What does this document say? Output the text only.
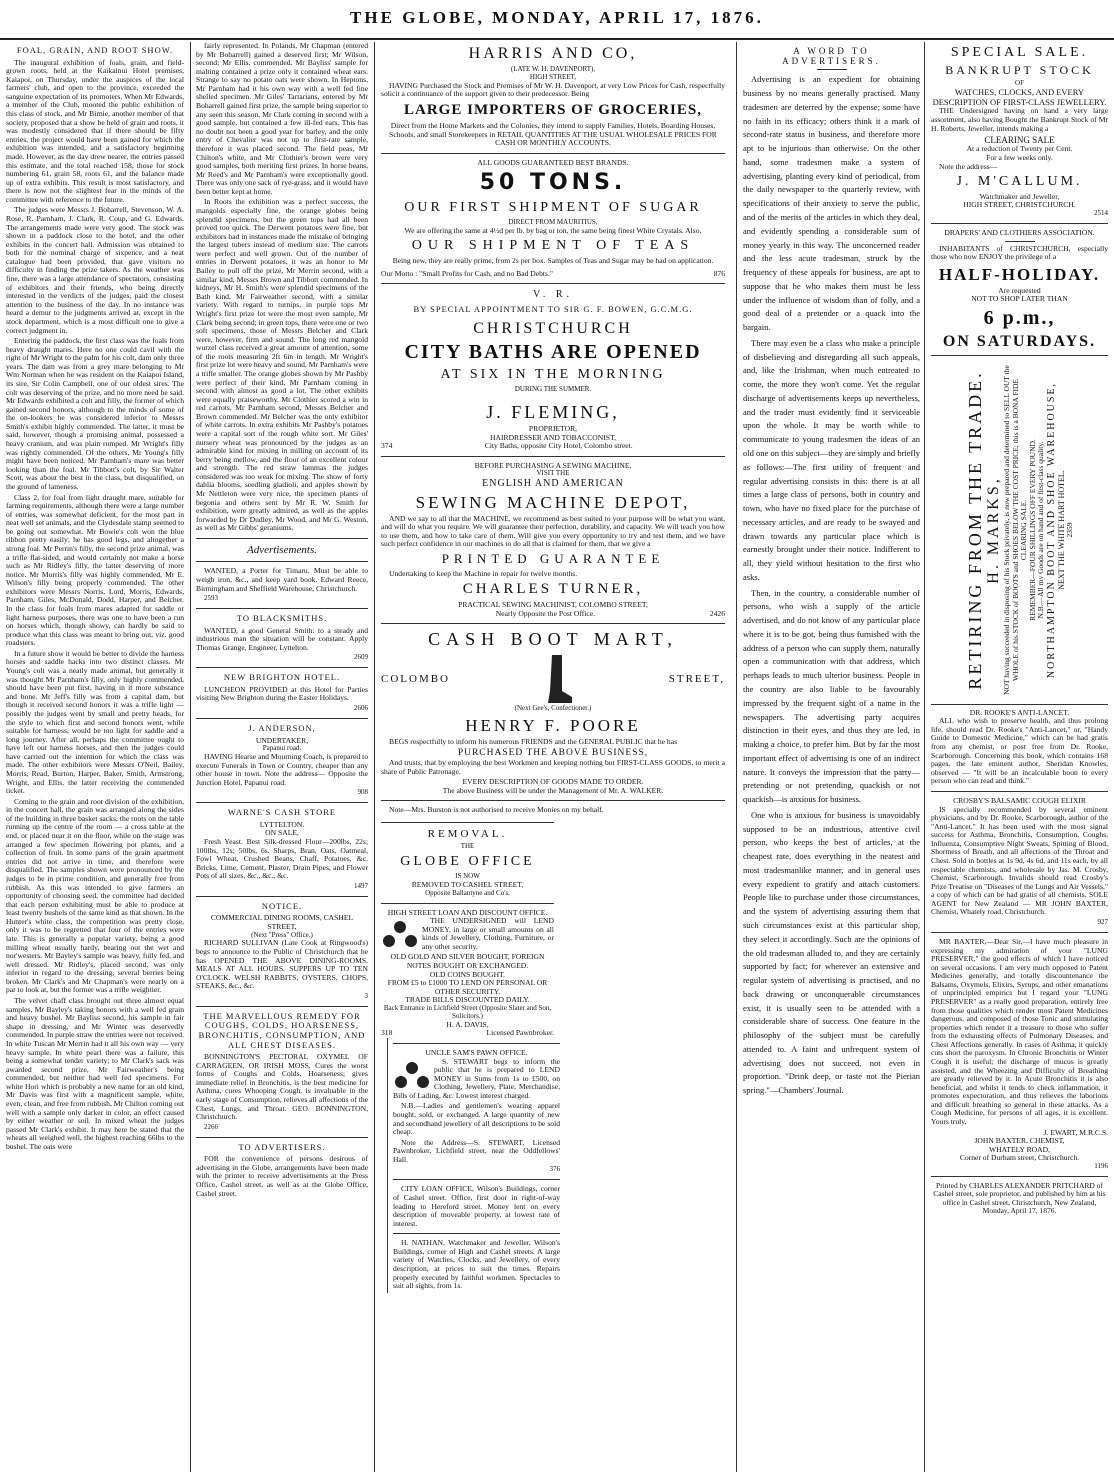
THE GLOBE, MONDAY, APRIL 17, 1876.
FOAL, GRAIN, AND ROOT SHOW.

The inaugural exhibition of foals, grain, and field-grown roots, held at the Kaikainui Hotel premises, Kaiapoi, on Thursday, under the auspices of the local farmers' club, and open to the province, exceeded the sanguine expectation of its promoters. When Mr Edwards, a member of the Club, mooted the public exhibition of this class of stock, and Mr Birnie, another member of that society, proposed that a show be held of grain and roots, it was modestly considered that if there should be fifty entries, the project would have been gained for which the exhibition was intended, and a satisfactory beginning made. However, as the day drew nearer, the entries passed this estimate, and the total reached 158, those for stock numbering 61, grain 58, roots 61, and the balance made up of extra exhibits. This result is most satisfactory, and there is now not the slightest fear in the minds of the committee with reference to the future.

The judges were Messrs J. Boharrell, Stevenson, W. A. Rose, R. Parnham, J. Clark, R. Coup, and G. Edwards. The arrangements made were very good. The stock was shown in a paddock close to the hotel, and the other exhibits in the concert hall. Admission was obtained to both for the nominal charge of sixpence, and a neat catalogue had been provided, that gave visitors no difficulty in finding the prize takers. As the weather was fine, there was a large attendance of spectators, consisting of exhibitors and their friends, who being directly interested in the verdicts of the judges, paid the closest attention to the business of the day. In no instance was heard a demur to the judgments arrived at, except in the stock department, which is a most difficult one to give a correct judgment in.

Entering the paddock, the first class was the foals from heavy draught mares. Here no one could cavil with the right of Mr Wright to the palm for his colt, dam only three years. The dam was from a grey mare belonging to Mr Wm Norman when he was resident on the Kaiapoi Island, its sire, Sir Colin Campbell, one of our oldest sires. The colt was deserving of the prize, and no more need be said. Mr Edwards exhibited a colt and filly, the former of which gained second honors, although to the minds of some of the on-lookers he was considered inferior to Messrs Smith's exhibit highly commended. The latter, it must be said, however, though a promising animal, possessed a heavy cranium, and was plain rumped. Mr Wright's filly was rightly commended. Of the others, Mr Young's filly might have been noticed. Mr Parnham's mare was better looking than the foal. Mr Tibbott's colt, by Sir Walter Scott, was about the best in the class, but disqualified, on the ground of lameness.

Class 2, for foal from light draught mare, suitable for farming requirements, although there were a large number of entries, was somewhat deficient, for the most part in neat well set animals, and the Clydesdale stamp seemed to be going out somewhat. Mr Bowie's colt won the blue ribbon pretty easily; he has good legs, and altogether a strong foal. Mr Perrin's filly, the second prize animal, was a trifle flat-sided, and would certainly not make a horse such as Mr Ridley's filly, the latter deserving of more notice. Mr Morris's filly was highly commended, Mr E. Wilson's filly being properly commended. The other exhibitors were Messrs Norris, Lord, Morris, Edwards, Parnham, Giles, McDonald, Dodd, Harper, and Belcher. In the class for foals from mares adapted for saddle or light harness purposes, there was one to have been a run on horses which, though showy, can hardly be said to produce what this class was meant to bring out, viz. good roadsters.

In a future show it would be better to divide the harness horses and saddle hacks into two distinct classes. Mr Young's colt was a neatly made animal, but generally it was thought Mr Parnham's filly, only highly commended, should have been put first, having in it more substance and bone. Mr Jeff's filly was from a capital dam, but though it received second honors it was a trifle light — possibly the judges went by small and pretty heads, for the style to which first and second honors went, while suitable for harness, would be too light for saddle and a long journey. After all, perhaps the committee ought to have left out harness horses, and then the judges could have carried out the intention for which the class was made. The other exhibitors were Messrs O'Neil, Bailey, Morris, Read, Burton, Harper, Baker, Smith, Armstrong, Wright, and Ellis, the latter receiving the commended ticket.

Coming to the grain and root division of the exhibition, in the concert hall, the grain was arranged along the sides of the building in three basket sacks, the roots on the table running up the centre of the room — a cross table at the end, or placed near it on the floor, while on the stage was arranged a few specimen flowering pot plants, and a collection of fruit. In some parts of the grain apartment entries did not arrive in time, and therefore were disqualified. The samples shown were pronounced by the judges to be in prime condition, and generally free from rubbish. As this was intended to give farmers an opportunity of choosing seed, the committee had decided that each person exhibiting must be able to produce at least twenty bushels of the same kind as that shown. In the Hunter's white class, the competition was pretty close, only it was to be regretted that four of the entries were late. This is generally a popular variety, being a good milling wheat usually hardy, bearing out the wet and nor'westers. Mr Bayley's sample was heavy, fully fed, and well dressed. Mr Ridley's, placed second, was only inferior in regard to the dressing, several berries being broken. Mr Clark's and Mr Chapman's were nearly on a par to look at, but the former was a trifle weightier.

The velvet chaff class brought out three almost equal samples, Mr Bayley's taking honors with a well fed grain and heavy bushel. Mr Bayliss second, his sample in fair shape in dressing, and Mr Winter was deservedly commended. In purple straw the entries were not received. In white Tuscan Mr Merrin had it all his own way — very heavy sample. In white pearl there was a failure, this being a somewhat tender variety; to Mr Clark's sack was awarded second prize, Mr Fairweather's being commended, but neither had well fed specimens. For white Hori which is probably a new name for an old kind, Mr Davis was first with a magnificent sample, white, even, clean, and free from rubbish, Mr Chilton coming out well with a sample only darker in color, an effect caused by either weather or soil. In mixed wheat the judges passed Mr Clark's exhibit. It may here be stated that the wheats all weighed well, the highest reaching 66lbs to the bushel. The oats were

fairly represented. In Polands, Mr Chapman (entered by Mr Boharrell) gained a deserved first; Mr Wilson, second; Mr Ellis, commended. Mr Bayliss' sample for malting contained a prize only it contained wheat ears. Strange to say no potato oats were shown. In Heptons, Mr Parnham had it his own way with a well fed fine shelled specimen. Mr Giles' Tartarians, entered by Mr Boharrell gained first prize, the sample being superior to any seen this season, Mr Clark coming in second with a good sample, but contained a few ill-fed ears. This has no doubt not been a good year for barley, and the only entry of Chevalier was not up to first-rate sample, therefore it was placed second. The field peas, Mr Chilton's white, and Mr Clothier's brown were very good samples, both meriting first prizes. In horse beans, Mr Reed's and Mr Parnham's were exceptionally good. There was only one sack of rye-grass, and it would have been better kept at home.

In Roots the exhibition was a perfect success, the mangolds especially fine, the orange globes being splendid specimens, but the green tops had all been proved too quick. The Derwent potatoes were fine, but exhibitors had in instances made the mistake of bringing the largest tubers instead of medium size. The carrots were perfect and well grown. Out of the number of entries in Derwent potatoes, it was an honor to Mr Bailey to pull off the prize, Mr Merrin second, with a similar kind, Messrs Brown and Tibbott commended. In kidneys, Mr H. Smith's were splendid specimens of the Bath kind, Mr Fairweather second, with a similar variety. With regard to turnips, in purple tops Mr Wright's first prize lot were the most even sample, Mr Clark being second; in green tops, there were one or two soft specimens, those of Messrs Belcher and Clark were, however, firm and sound. The long red mangold wurzel class received a great amount of attention, some of the roots measuring 2ft 6in in length. Mr Wright's first prize lot were heavy and sound, Mr Parnham's were a trifle smaller. The orange globes shown by Mr Pashby were perfect of their kind, Mr Parnham coming in second with almost as good a lot. The other exhibits were equally praiseworthy. Mr Clothier scored a win in red carrots, Mr Parnham second, Messrs Belcher and Brown commended. Mr Belcher was the only exhibitor of white carrots. In extra exhibits Mr Pashby's potatoes were a capital sort of the rough white sort. Mr Giles' nursery wheat was pronounced by the judges as an admirable kind for mixing in milling on account of its berry being mellow, and the flour of an excellent colour and strength. The red straw lammas the judges considered was too weak for mixing. The show of forty dahlia blooms, seedling gladioli, and apples shown by Mr Nettleton were very nice, the specimen plants of begonia and others sent by Mr R. W. Smith for exhibition, were greatly admired, as well as the apples forwarded by Dr Dudley, Mr Wood, and Mr G. Weston, as well as Mr Gibbs' geraniums.

Advertisements.

WANTED, a Porter for Timaru. Must be able to weigh iron, &c., and keep yard book. Edward Reece, Birmingham and Sheffield Warehouse, Christchurch.

2593

TO BLACKSMITHS.

WANTED, a good General Smith: to a steady and industrious man the situation will be constant. Apply Thomas Grange, Engineer, Lyttelton.

2609

NEW BRIGHTON HOTEL.

LUNCHEON PROVIDED at this Hotel for Parties visiting New Brighton during the Easter Holidays.

2606

J. ANDERSON,
UNDERTAKER,
Papanui road.

HAVING Hearse and Mourning Coach, is prepared to execute Funerals in Town or Country, cheaper than any other house in town. Note the address— Opposite the Junction Hotel, Papanui road.

908

WARNE'S CASH STORE
LYTTELTON.
ON SALE,

Fresh Yeast. Best Silk-dressed Flour—200lbs, 22s; 100lbs, 12s; 50lbs, 6s. Sharps, Bran, Oats, Oatmeal, Fowl Wheat, Crushed Beans, Chaff, Potatoes, &c. Bricks, Lime, Cement, Plaster, Drain Pipes, and Flower Pots of all sizes, &c., &c., &c.

1497

NOTICE.
COMMERCIAL DINING ROOMS, CASHEL STREET,
(Next "Press" Office.)

RICHARD SULLIVAN (Late Cook at Ringwood's) begs to announce to the Public of Christchurch that he has OPENED THE ABOVE DINING-ROOMS. MEALS AT ALL HOURS. SUPPERS UP TO TEN O'CLOCK. WELSH RABBITS, OYSTERS, CHOPS, STEAKS, &c., &c.

3

THE MARVELLOUS REMEDY FOR COUGHS, COLDS, HOARSENESS, BRONCHITIS, CONSUMPTION, AND ALL CHEST DISEASES.

BONNINGTON'S PECTORAL OXYMEL OF CARRAGEEN, OR IRISH MOSS, Cures the worst forms of Coughs and Colds, Hoarseness; gives immediate relief in Bronchitis, is the best medicine for Asthma, cures Whooping Cough, is invaluable in the early stage of Consumption, relieves all affections of the Chest, Lungs, and Throat. GEO. BONNINGTON, Christchurch.

2266

TO ADVERTISERS.

FOR the convenience of persons desirous of advertising in the Globe, arrangements have been made with the printer to receive advertisements at the Press Office, Cashel street, as well as at the Globe Office, Cashel street.

HARRIS AND CO,
(LATE W. H. DAVENPORT),
HIGH STREET,

HAVING Purchased the Stock and Premises of Mr W. H. Davenport, at very Low Prices for Cash, respectfully solicit a continuance of the support given to their predecessor. Being

LARGE IMPORTERS OF GROCERIES,

Direct from the Home Markets and the Colonies, they intend to supply Families, Hotels, Boarding Houses, Schools, and small Storekeepers in RETAIL QUANTITIES AT THE USUAL WHOLESALE PRICES FOR CASH OR MONTHLY ACCOUNTS.

ALL GOODS GUARANTEED BEST BRANDS.
50 TONS.
OUR FIRST SHIPMENT OF SUGAR
DIRECT FROM MAURITIUS,

We are offering the same at 4½d per lb. by bag or ton, the same being finest White Crystals. Also,

OUR SHIPMENT OF TEAS

Being new, they are really prime, from 2s per box. Samples of Teas and Sugar may be had on application.

Our Motto : "Small Profits for Cash, and no Bad Debts."	876
V. R.
BY SPECIAL APPOINTMENT TO SIR G. F. BOWEN, G.C.M.G.
CHRISTCHURCH
CITY BATHS ARE OPENED
AT SIX IN THE MORNING
DURING THE SUMMER.
J. FLEMING,
PROPRIETOR,
HAIRDRESSER AND TOBACCONIST,
374	City Baths, opposite City Hotel, Colombo street.
BEFORE PURCHASING A SEWING MACHINE,
VISIT THE
ENGLISH AND AMERICAN
SEWING MACHINE DEPOT,

AND we say to all that the MACHINE, we recommend as best suited to your purpose will be what you want, and will do what you require. We will guarantee their perfection, durability, and capacity. We will teach you how to use them, and how to take care of them. Will give you every opportunity to try and test them, and we have such perfect confidence in our machines to do all that is claimed for them, that we give a

PRINTED GUARANTEE

Undertaking to keep the Machine in repair for twelve months.

CHARLES TURNER,
PRACTICAL SEWING MACHINIST, COLOMBO STREET,
Nearly Opposite the Post Office.	2426
CASH BOOT MART,
COLOMBO	STREET,
(Next Gee's, Confectioner.)
HENRY F. POORE

BEGS respectfully to inform his numerous FRIENDS and the GENERAL PUBLIC that he has

PURCHASED THE ABOVE BUSINESS,

And trusts, that by employing the best Workmen and keeping nothing but FIRST-CLASS GOODS, to merit a share of Public Patronage.

EVERY DESCRIPTION OF GOODS MADE TO ORDER.
The above Business will be under the Management of Mr. A. WALKER.

Note—Mrs. Burston is not authorised to receive Monies on my behalf.

REMOVAL.
THE
GLOBE OFFICE
IS NOW
REMOVED TO CASHEL STREET,
Opposite Ballantyne and Co's.
HIGH STREET LOAN AND DISCOUNT OFFICE.

THE UNDERSIGNED will LEND MONEY, in large or small amounts on all kinds of Jewellery, Clothing, Furniture, or any other security.

OLD GOLD AND SILVER BOUGHT, FOREIGN NOTES BOUGHT OR EXCHANGED.
OLD COINS BOUGHT.
FROM £5 to £1000 TO LEND ON PERSONAL OR OTHER SECURITY.
TRADE BILLS DISCOUNTED DAILY.
Back Entrance in Lichfield Street (Opposite Slater and Son, Solicitors.)
H. A. DAVIS,
318	Licensed Pawnbroker.
UNCLE SAM'S PAWN OFFICE.

S. STEWART begs to inform the public that he is prepared to LEND MONEY in Sums from 1s to £500, on Clothing, Jewellery, Plate, Merchandise, Bills of Lading, &c. Lowest interest charged.

N.B.—Ladies and gentlemen's wearing apparel bought, sold, or exchanged. A large quantity of new and secondhand jewellery of all descriptions to be sold cheap.

Note the Address—S. STEWART, Licensed Pawnbroker, Lichfield street, near the Oddfellows' Hall.

376

CITY LOAN OFFICE, Wilson's Buildings, corner of Cashel street. Office, first door in right-of-way leading to Hereford street. Money lent on every description of moveable property, at lowest rate of interest.

H. NATHAN, Watchmaker and Jeweller, Wilson's Buildings, corner of High and Cashel streets. A large variety of Watches, Clocks, and Jewellery, of every description, at prices to suit the times. Repairs properly executed by faithful workmen. Spectacles to suit all sights, from 1s.

A WORD TO ADVERTISERS.

Advertising is an expedient for obtaining business by no means generally practised. Many tradesmen are deterred by the expense; some have no faith in its efficacy; others think it a mark of second-rate status in business, and therefore more apt to be injurious than otherwise. On the other hand, some tradesmen make a system of advertising, planting every kind of periodical, from the daily newspaper to the quarterly review, with specifications of their anxiety to serve the public, and of the merits of the articles in which they deal, and evidently spending a considerable sum of money yearly in this way. The unconcerned reader and the less acute tradesman, struck by the frequency of these appeals for business, are apt to suppose that he who makes them must be less under the influence of wisdom than of folly, and a good deal of a pretender or a quack into the bargain.

There may even be a class who make a principle of disbelieving and disregarding all such appeals, and, like the Irishman, when much entreated to come, the more they won't come. Yet the regular discharge of advertisements keeps up nevertheless, and the trader must evidently find it serviceable upon the whole. It may be worth while to communicate to young tradesmen the ideas of an old one on this subject—they are simply and briefly as follows:—The first utility of frequent and regular advertising consists in this: there is at all times a large class of persons, both in country and town, who have no fixed place for the purchase of necessary articles, and are ready to be swayed and drawn towards any particular place which is earnestly brought under their notice. Indifferent to all, they yield without hesitation to the first who asks.

Then, in the country, a considerable number of persons, who wish a supply of the article advertised, and do not know of any particular place where it is to be got, being thus furnished with the address of a person who can supply them, naturally open a communication with that address, which perhaps leads to much ulterior business. People in the country are also liable to be favourably impressed by the frequent sight of a name in the newspapers. The advertising party acquires distinction in their eyes, and thus they are led, in making a choice, to prefer him. But by far the most important effect of advertising is one of an indirect nature. It conveys the impression that the party—pretending or not pretending, quackish or not quackish—is anxious for business.

One who is anxious for business is unavoidably supposed to be an industrious, attentive civil person, who keeps the best of articles, at the cheapest rate, does everything in the neatest and most tradesmanlike manner, and in general uses every expedient to gratify and attach customers. People like to purchase under those circumstances, and the system of advertising assuring them that such circumstances exist at this particular shop, they select it accordingly. Such are the opinions of the old tradesman alluded to, and they are certainly supported by fact; for wherever an extensive and regular system of advertising is practised, and no back drawing or unconquerable circumstances exist, it is usually seen to be attended with a considerable share of success. One feature in the philosophy of the subject must be carefully attended to. A faint and unfrequent system of advertising does not succeed, not even in proportion. "Drink deep, or taste not the Pierian spring."—Chambers' Journal.

SPECIAL SALE.
BANKRUPT STOCK
OF
WATCHES, CLOCKS, AND EVERY DESCRIPTION OF FIRST-CLASS JEWELLERY.

THE Undersigned having on hand a very large assortment, also having Bought the Bankrupt Stock of Mr H. Roberts, Jeweller, intends making a

CLEARING SALE
At a reduction of Twenty per Cent.
For a few weeks only.

Note the address—

J. M'CALLUM.
Watchmaker and Jeweller,
HIGH STREET, CHRISTCHURCH.

2514

DRAPERS' AND CLOTHIERS ASSOCIATION.

INHABITANTS of CHRISTCHURCH, especially those who now ENJOY the privilege of a

HALF-HOLIDAY.
Are requested
NOT TO SHOP LATER THAN
6 p.m.,
ON SATURDAYS.
RETIRING FROM THE TRADE. H. MARKS, NOT having succeeded in disposing of his Stock privately, is now prepared and determined to SELL OUT the WHOLE of his STOCK of BOOTS and SHOES BELOW THE COST PRICE; this is a BONA FIDE CLEARING SALE. REMEMBER—FOUR SHILLINGS OFF EVERY POUND. N.B.—All my Goods are on hand and of first-class quality. NORTHAMPTON BOOT AND SHOE WAREHOUSE, NEXT THE WHITE HART HOTEL. 2359
DR. ROOKE'S ANTI-LANCET.

ALL who wish to preserve health, and thus prolong life, should read Dr. Rooke's "Anti-Lancet," or, "Handy Guide to Domestic Medicine," which can be had gratis from any chemist, or post free from Dr. Rooke, Scarborough. Concerning this book, which contains 168 pages, the late eminent author, Sheridan Knowles, observed — "It will be an incalculable boon to every person who can read and think."

CROSBY'S BALSAMIC COUGH ELIXIR

IS specially recommended by several eminent physicians, and by Dr. Rooke, Scarborough, author of the "Anti-Lancet." It has been used with the most signal success for Asthma, Bronchitis, Consumption, Coughs, Influenza, Consumptive Night Sweats, Spitting of Blood, Shortness of Breath, and all affections of the Throat and Chest. Sold in bottles at 1s 9d, 4s 6d, and 11s each, by all respectable chemists, and wholesale by Jas. M. Crosby, Chemist, Scarborough. Invalids should read Crosby's Prize Treatise on "Diseases of the Lungs and Air Vessels," a copy of which can be had gratis of all chemists. SOLE AGENT for New Zealand — MR JOHN BAXTER, Chemist, Whately road, Christchurch.

927

MR BAXTER,—Dear Sir,—I have much pleasure in expressing my admiration of your "LUNG PRESERVER," the good effects of which I have noticed on several occasions. I am very much opposed to Patent Medicines generally, and totally discountenance the Balsams, Oxymels, Elixirs, Syrups, and other emanations of unprincipled empirics but I regard your "LUNG PRESERVER" as a really good preparation, entirely free from those qualities which render most Patent Medicines dangerous, and composed of those Tonic and stimulating properties which render it a treasure to those who suffer from the exhausting effects of Pulmonary Diseases, and Chest Affections generally. In cases of Asthma, it quickly cuts short the paroxysm. In Chronic Bronchitis or Winter Cough it is useful; the discharge of mucus is greatly assisted, and the Wheezing and Difficulty of Breathing are greatly relieved by it. In Acute Bronchitis it is also beneficial, and whilst it tends to check inflammation, it promotes expectoration, and thus relieves the laborious and difficult breathing so general in these attacks. As a Cough Medicine, for persons of all ages, it is excellent. Yours truly,

J. EWART, M.R.C.S.
JOHN BAXTER, CHEMIST,
WHATELY ROAD,
Corner of Durham street, Christchurch.

1196

Printed by CHARLES ALEXANDER PRITCHARD of Cashel street, sole proprietor, and published by him at his office in Cashel street, Christchurch, New Zealand, Monday, April 17, 1876.
